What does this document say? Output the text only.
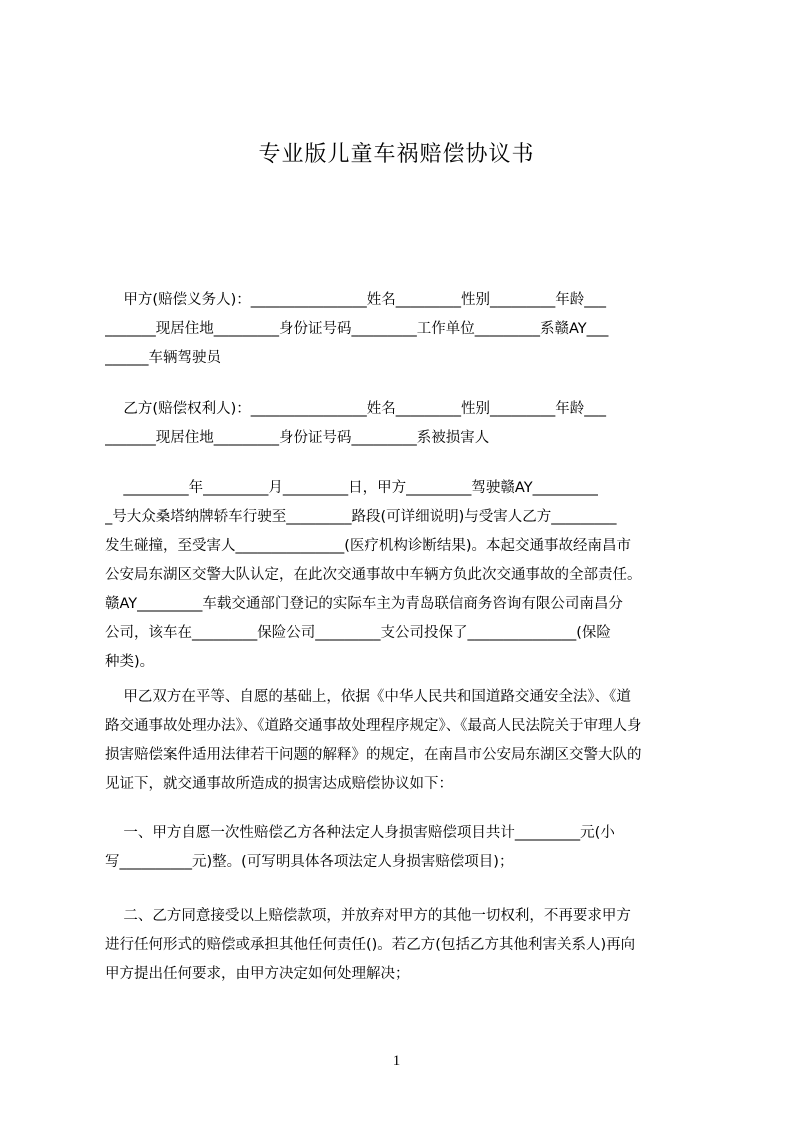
专业版儿童车祸赔偿协议书
甲方(赔偿义务人)：________________姓名_________性别_________年龄___
_______现居住地_________身份证号码_________工作单位_________系赣AY___
______车辆驾驶员
乙方(赔偿权利人)：________________姓名_________性别_________年龄___
_______现居住地_________身份证号码_________系被损害人
_________年_________月_________日，甲方_________驾驶赣AY_________
_号大众桑塔纳牌轿车行驶至_________路段(可详细说明)与受害人乙方_________
发生碰撞，至受害人_______________(医疗机构诊断结果)。本起交通事故经南昌市
公安局东湖区交警大队认定，在此次交通事故中车辆方负此次交通事故的全部责任。
赣AY_________车载交通部门登记的实际车主为青岛联信商务咨询有限公司南昌分
公司，该车在_________保险公司_________支公司投保了_______________(保险
种类)。
甲乙双方在平等、自愿的基础上，依据《中华人民共和国道路交通安全法》、《道
路交通事故处理办法》、《道路交通事故处理程序规定》、《最高人民法院关于审理人身
损害赔偿案件适用法律若干问题的解释》的规定，在南昌市公安局东湖区交警大队的
见证下，就交通事故所造成的损害达成赔偿协议如下：
一、甲方自愿一次性赔偿乙方各种法定人身损害赔偿项目共计_________元(小
写__________元)整。(可写明具体各项法定人身损害赔偿项目)；
二、乙方同意接受以上赔偿款项，并放弃对甲方的其他一切权利，不再要求甲方
进行任何形式的赔偿或承担其他任何责任()。若乙方(包括乙方其他利害关系人)再向
甲方提出任何要求，由甲方决定如何处理解决；
1
